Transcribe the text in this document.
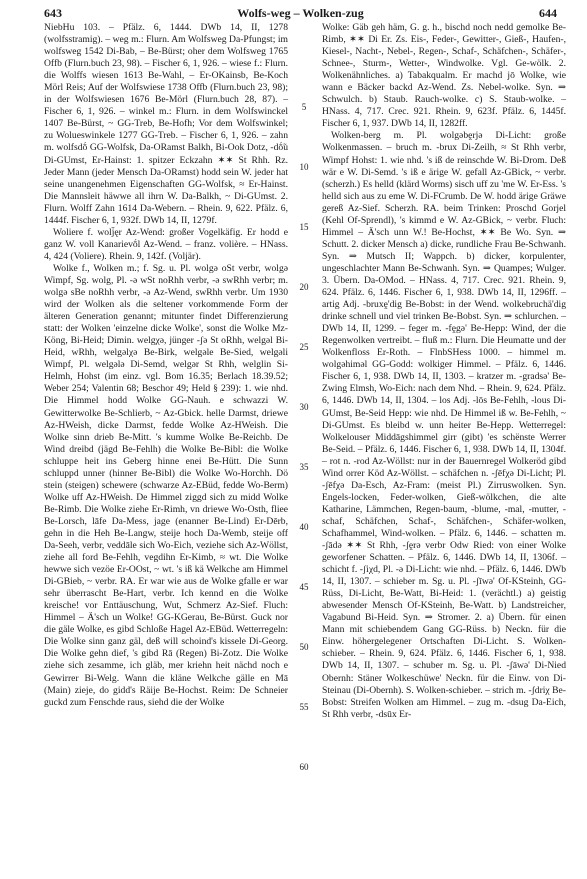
643	Wolfs-weg – Wolken-zug	644

NiebHu 103. – Pfälz. 6, 1444. DWb 14, II, 1278 (wolfsstramig). – weg m.: Flurn. Am Wolfsweg Da-Pfungst; im wolfsweg 1542 Di-Bab, – Be-Bürst; oher dem Wolfsweg 1765 Offb (Flurn.buch 23, 98). – Fischer 6, 1, 926. – wiese f.: Flurn. die Wolffs wiesen 1613 Be-Wahl, – Er-OKainsb, Be-Koch Mörl Reis; Auf der Wolfswiese 1738 Offb (Flurn.buch 23, 98); in der Wolfswiesen 1676 Be-Mörl (Flurn.buch 28, 87). – Fischer 6, 1, 926. – winkel m.: Flurn. in dem Wolfswinckel 1407 Be-Bürst, ~ GG-Treb, Be-Hofh; Vor dem Wolfswinkel; zu Wolueswinkele 1277 GG-Treb. – Fischer 6, 1, 926. – zahn m. wolfsdṓ GG-Wolfsk, Da-ORamst Balkh, Bi-Ook Dotz, -dṓ̃u Di-GUmst, Er-Hainst: 1. spitzer Eckzahn ✶✶ St Rhh. Rz. Jeder Mann (jeder Mensch Da-ORamst) hodd sein W. jeder hat seine unangenehmen Eigenschaften GG-Wolfsk, ≈ Er-Hainst. Die Mannsleit häwwe all ihrn W. Da-Balkh, ~ Di-GUmst. 2. Flurn. Wolff Zahn 1614 Da-Webern. – Rhein. 9, 622. Pfälz. 6, 1444f. Fischer 6, 1, 932f. DWb 14, II, 1279f.

Woliere f. wolj̄ęr Az-Wend: großer Vogelkäfig. Er hodd e ganz W. voll Kanarievṓl Az-Wend. – franz. volière. – HNass. 4, 424 (Voliere). Rhein. 9, 142f. (Voljär).

Wolke f., Wolken m.; f. Sg. u. Pl. wolgə oSt verbr, wolgə Wimpf, Sg. wolg, Pl. -ə wSt noRhh verbr, -ə swRhh verbr; m. wolgə sBe noRhh verbr, -ə Az-Wend, swRhh verbr. Um 1930 wird der Wolken als die seltener vorkommende Form der älteren Generation genannt; mitunter findet Differenzierung statt: der Wolken 'einzelne dicke Wolke', sonst die Wolke Mz-Köng, Bi-Heid; Dimin. welgχə, jünger -ʃə St oRhh, welgəl Bi-Heid, wRhh, welgəlχə Be-Birk, welgəle Be-Sied, welgəli Wimpf, Pl. welgələ Di-Semd, welgər St Rhh, welglin Si-Helmh, Hohst (im einz. vgl. Bom 16.35; Berlach 18.39.52; Weber 254; Valentin 68; Beschor 49; Held § 239): 1. wie nhd. Die Himmel hodd Wolke GG-Nauh. e schwazzi W. Gewitterwolke Be-Schlierb, ~ Az-Gbick. helle Darmst, driewe Az-HWeish, dicke Darmst, fedde Wolke Az-HWeish. Die Wolke sinn drieb Be-Mitt. 's kumme Wolke Be-Reichb. De Wind dreibd (jägd Be-Fehlh) die Wolke Be-Bibl: die Wolke schluppe heit ins Geberg hinne enei Be-Hütt. Die Sunn schluppd unner (hinner Be-Bibl) die Wolke Wo-Horchh. Dö stein (steigen) schewere (schwarze Az-EBüd, fedde Wo-Berm) Wolke uff Az-HWeish. De Himmel ziggd sich zu midd Wolke Be-Rimb. Die Wolke ziehe Er-Rimh, vn driewe Wo-Osth, fliee Be-Lorsch, lāfe Da-Mess, jage (enanner Be-Lind) Er-Dērb, gehn in die Heh Be-Langw, steije hoch Da-Wemb, steije off Da-Seeh, verbr, veddāle sich Wo-Eich, veziehe sich Az-Wöllst, ziehe all ford Be-Fehlh, vegdihn Er-Kimb, ≈ wt. Die Wolke hewwe sich vezöe Er-OOst, ~ wt. 's iß kä Welkche am Himmel Di-GBieb, ~ verbr. RA. Er war wie aus de Wolke gfalle er war sehr überrascht Be-Hart, verbr. Ich kennd en die Wolke kreische! vor Enttäuschung, Wut, Schmerz Az-Sief. Fluch: Himmel – Ä'sch un Wolke! GG-KGerau, Be-Bürst. Guck nor die gäle Wolke, es gibd Schloße Hagel Az-EBüd. Wetterregeln: Die Wolke sinn ganz gäl, deß will schoind's kissele Di-Georg. Die Wolke gehn dief, 's gibd Rā (Regen) Bi-Zotz. Die Wolke ziehe sich zesamme, ich gläb, mer kriehn heit nächd noch e Gewirrer Bi-Welg. Wann die kläne Welkche gälle en Mā (Main) zieje, do gidd's Räije Be-Hochst. Reim: De Schneier guckd zum Fenschde raus, siehd die der Wolke

5
10
15
20
25
30
35
40
45
50
55
60

Wolke: Gäb geh häm, G. g. h., bischd noch nedd gemolke Be-Rimb, ✶✶ Di Er. Zs. Eis-, Feder-, Gewitter-, Gieß-, Haufen-, Kiesel-, Nacht-, Nebel-, Regen-, Schaf-, Schäfchen-, Schäfer-, Schnee-, Sturm-, Wetter-, Windwolke. Vgl. Ge-wölk. 2. Wolkenähnliches. a) Tabakqualm. Er machd jō Wolke, wie wann e Bäcker backd Az-Wend. Zs. Nebel-wolke. Syn. ⇒ Schwulch. b) Staub. Rauch-wolke. c) S. Staub-wolke. – HNass. 4, 717. Crec. 921. Rhein. 9, 623f. Pfälz. 6, 1445f. Fischer 6, 1, 937. DWb 14, II, 1282ff.

Wolken-berg m. Pl. wolgəbḙrjə Di-Licht: große Wolkenmassen. – bruch m. -brux Di-Zeilh, ≈ St Rhh verbr, Wimpf Hohst: 1. wie nhd. 's iß de reinschde W. Bi-Drom. Deß wär e W. Di-Semd. 's iß e ärige W. gefall Az-GBick, ~ verbr. (scherzh.) Es helld (klärd Worms) sisch uff zu 'me W. Er-Ess. 's helld sich aus zu eme W. Di-FCrumb. De W. hodd ärige Gräwe gereß Az-Sief. Scherzh. RA. beim Trinken: Proschd Gorjel (Kehl Of-Sprendl), 's kimmd e W. Az-GBick, ~ verbr. Fluch: Himmel – Ä'sch unn W.! Be-Hochst, ✶✶ Be Wo. Syn. ⇒ Schutt. 2. dicker Mensch a) dicke, rundliche Frau Be-Schwanh. Syn. ⇒ Mutsch II; Wappch. b) dicker, korpulenter, ungeschlachter Mann Be-Schwanh. Syn. ⇒ Quampes; Wulger. 3. Übern. Da-OMod. – HNass. 4, 717. Crec. 921. Rhein. 9, 624. Pfälz. 6, 1446. Fischer 6, 1, 938. DWb 14, II, 1296ff. – artig Adj. -bruxḙ'dig Be-Bobst: in der Wend. wolkebruchä'dig drinke schnell und viel trinken Be-Bobst. Syn. ⇒ schlurchen. – DWb 14, II, 1299. – feger m. -fḙgə' Be-Hepp: Wind, der die Regenwolken vertreibt. – fluß m.: Flurn. Die Heumatte und der Wolkenfloss Er-Roth. – FlnbSHess 1000. – himmel m. wolgəhimǝl GG-Godd: wolkiger Himmel. – Pfälz. 6, 1446. Fischer 6, 1, 938. DWb 14, II, 1303. – kratzer m. -gradsə' Be-Zwing Elmsh, Wo-Eich: nach dem Nhd. – Rhein. 9, 624. Pfälz. 6, 1446. DWb 14, II, 1304. – los Adj. -lōs Be-Fehlh, -lous Di-GUmst, Be-Seid Hepp: wie nhd. De Himmel iß w. Be-Fehlh, ~ Di-GUmst. Es bleibd w. unn heiter Be-Hepp. Wetterregel: Wolkelouser Middāgshimmel girr (gibt) 'es schënste Werrer Be-Seid. – Pfälz. 6, 1446. Fischer 6, 1, 938. DWb 14, II, 1304f. – rot n. -rod Az-Wöllst: nur in der Bauernregel Wolkeröd gibd Wind orrer Köd Az-Wöllst. – schäfchen n. -ʃēfχə Di-Licht; Pl. -ʃēfχə Da-Esch, Az-Fram: (meist Pl.) Zirruswolken. Syn. Engels-locken, Feder-wolken, Gieß-wölkchen, die alte Katharine, Lämmchen, Regen-baum, -blume, -mal, -mutter, -schaf, Schäfchen, Schaf-, Schäfchen-, Schäfer-wolken, Schafhammel, Wind-wolken. – Pfälz. 6, 1446. – schatten m. -ʃādə ✶✶ St Rhh, -ʃḙrə verbr Odw Ried: von einer Wolke geworfener Schatten. – Pfälz. 6, 1446. DWb 14, II, 1306f. – schicht f. -ʃiχd, Pl. -ə Di-Licht: wie nhd. – Pfälz. 6, 1446. DWb 14, II, 1307. – schieber m. Sg. u. Pl. -ʃīwə' Of-KSteinh, GG-Rüss, Di-Licht, Be-Watt, Bi-Heid: 1. (verächtl.) a) geistig abwesender Mensch Of-KSteinh, Be-Watt. b) Landstreicher, Vagabund Bi-Heid. Syn. ⇒ Stromer. 2. a) Übern. für einen Mann mit schiebendem Gang GG-Rüss. b) Neckn. für die Einw. höhergelegener Ortschaften Di-Licht. S. Wolken-schieber. – Rhein. 9, 624. Pfälz. 6, 1446. Fischer 6, 1, 938. DWb 14, II, 1307. – schuber m. Sg. u. Pl. -ʃāwə' Di-Nied Obernh: Stäner Wolkeschüwe' Neckn. für die Einw. von Di-Steinau (Di-Obernh). S. Wolken-schieber. – strich m. -ʃdriχ Be-Bobst: Streifen Wolken am Himmel. – zug m. -dsug Da-Eich, St Rhh verbr, -dsūx Er-
